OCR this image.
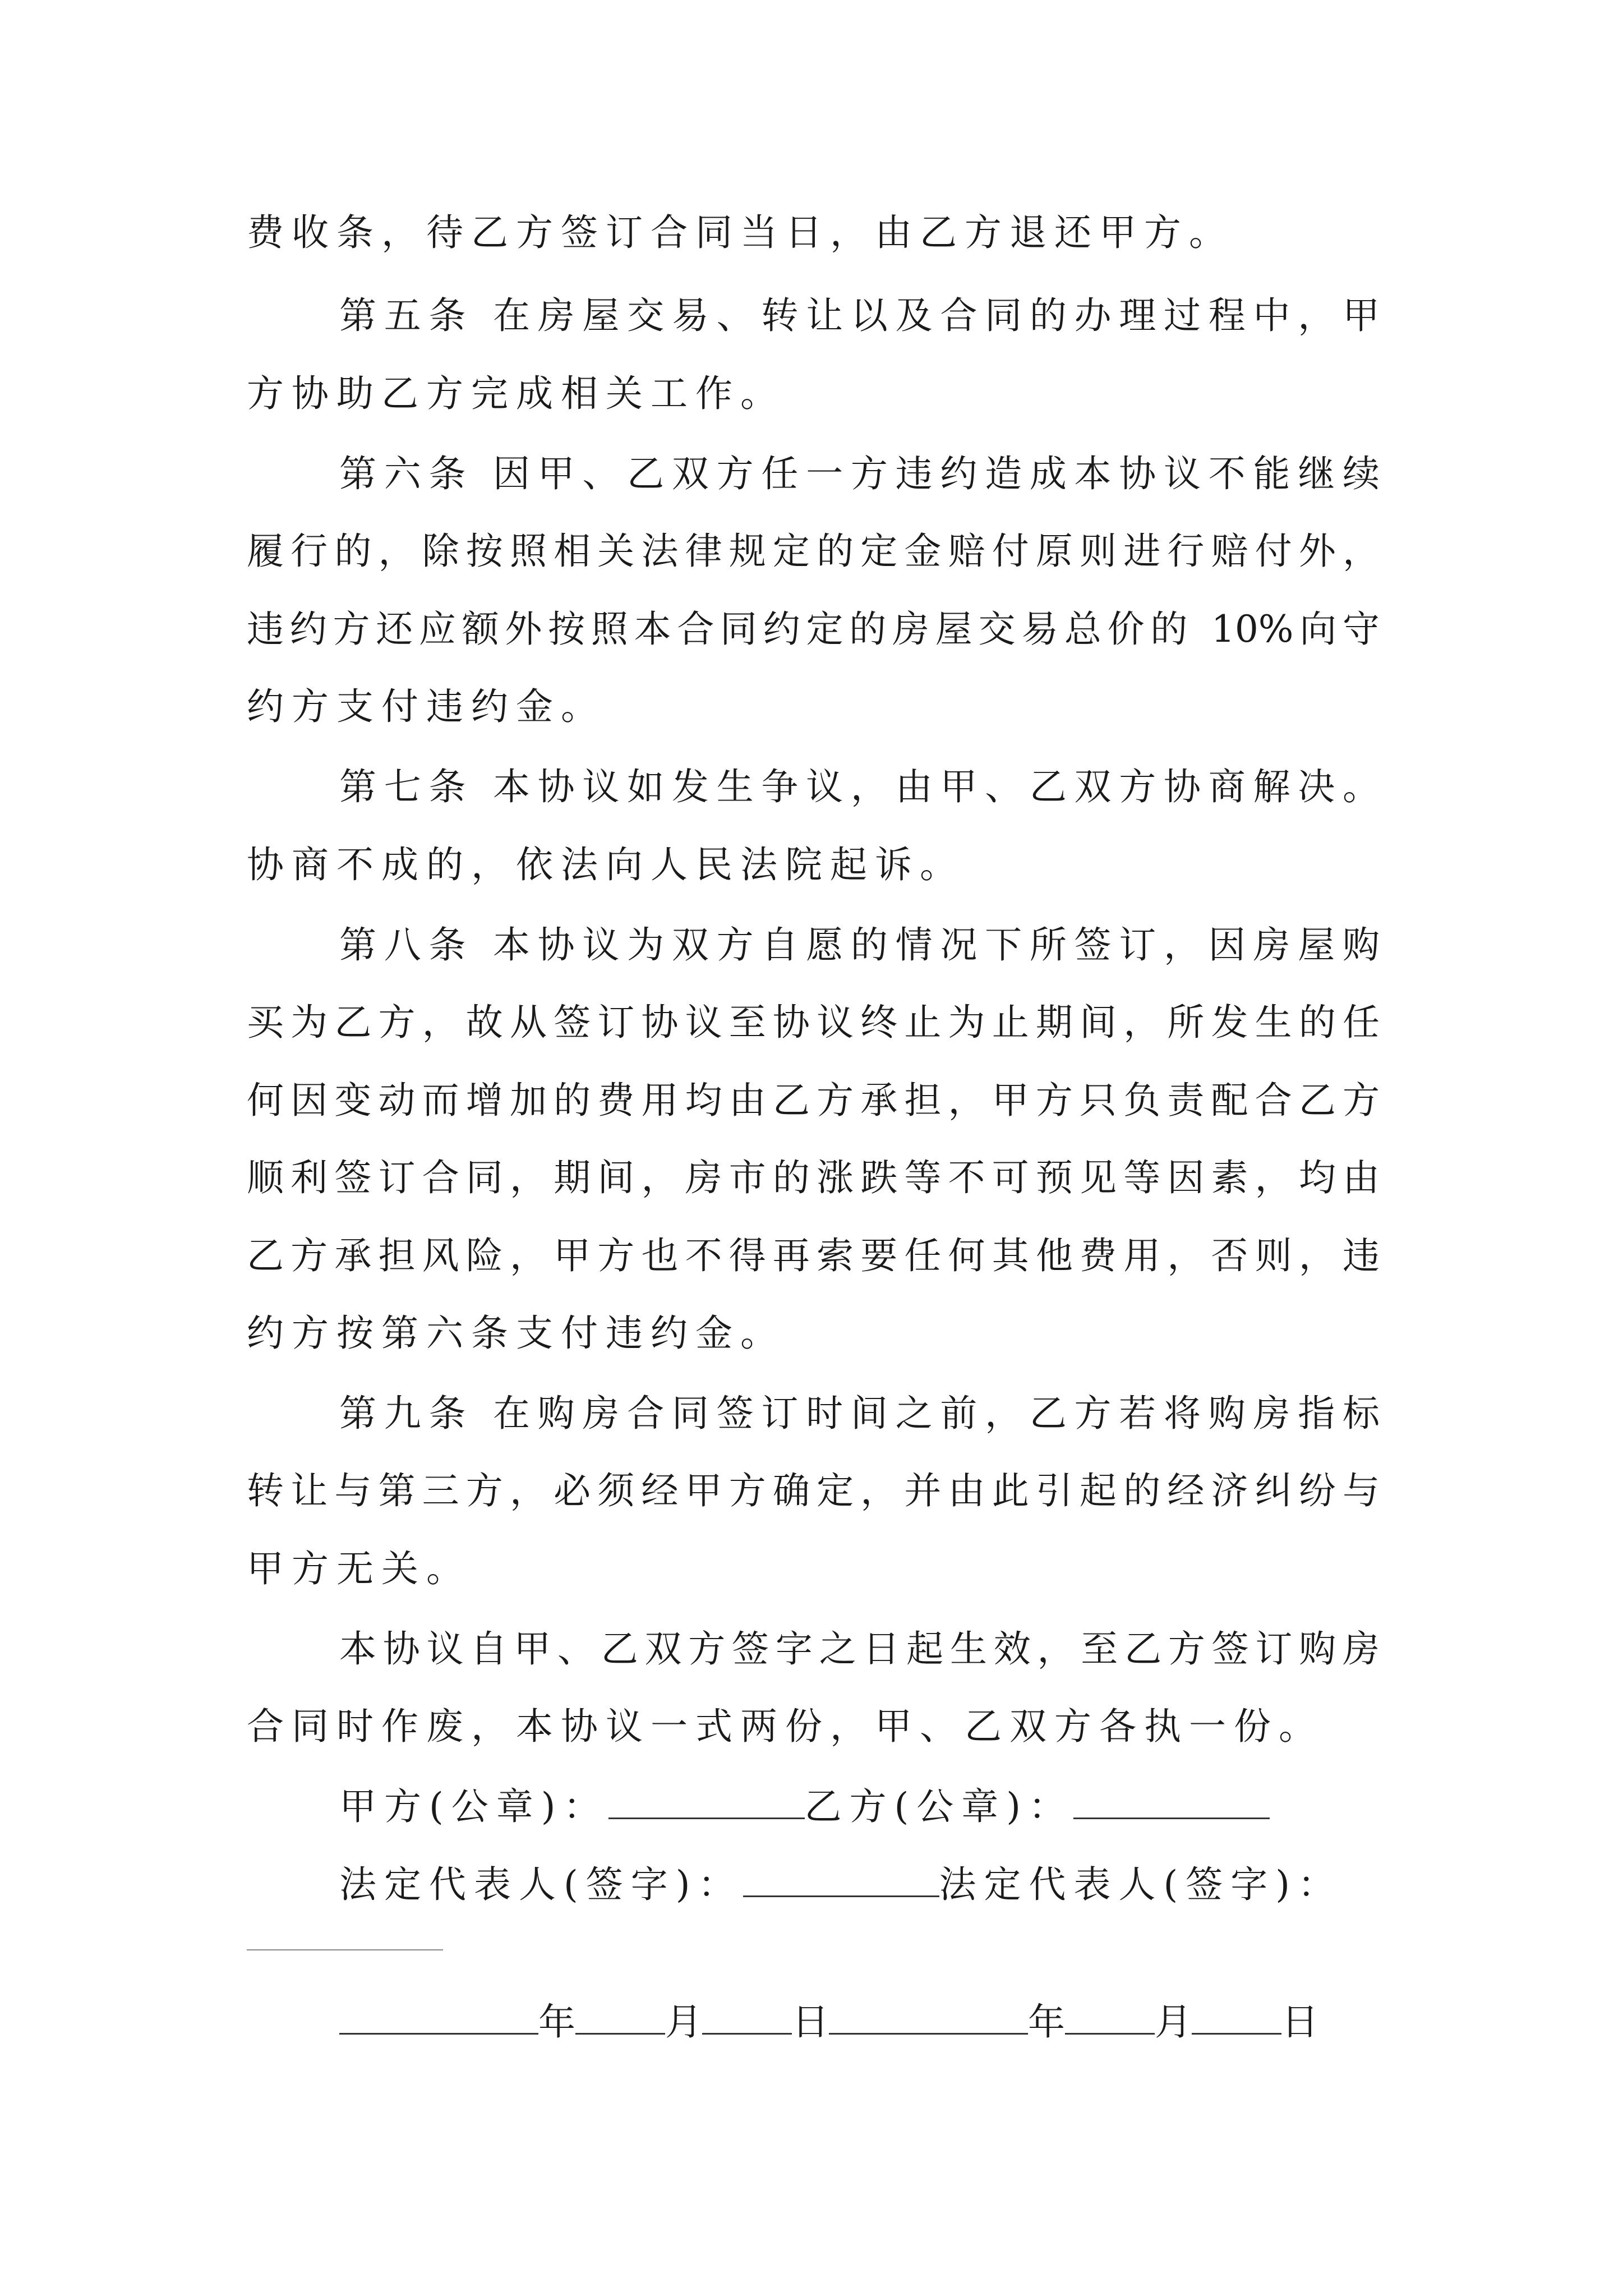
费收条，待乙方签订合同当日，由乙方退还甲方。
第五条 在房屋交易、转让以及合同的办理过程中，甲
方协助乙方完成相关工作。
第六条 因甲、乙双方任一方违约造成本协议不能继续
履行的，除按照相关法律规定的定金赔付原则进行赔付外，
违约方还应额外按照本合同约定的房屋交易总价的 10%向守
约方支付违约金。
第七条 本协议如发生争议，由甲、乙双方协商解决。
协商不成的，依法向人民法院起诉。
第八条 本协议为双方自愿的情况下所签订，因房屋购
买为乙方，故从签订协议至协议终止为止期间，所发生的任
何因变动而增加的费用均由乙方承担，甲方只负责配合乙方
顺利签订合同，期间，房市的涨跌等不可预见等因素，均由
乙方承担风险，甲方也不得再索要任何其他费用，否则，违
约方按第六条支付违约金。
第九条 在购房合同签订时间之前，乙方若将购房指标
转让与第三方，必须经甲方确定，并由此引起的经济纠纷与
甲方无关。
本协议自甲、乙双方签字之日起生效，至乙方签订购房
合同时作废，本协议一式两份，甲、乙双方各执一份。
甲方(公章)：	乙方(公章)：
法定代表人(签字)：	法定代表人(签字)：
年 月 日	年 月 日
